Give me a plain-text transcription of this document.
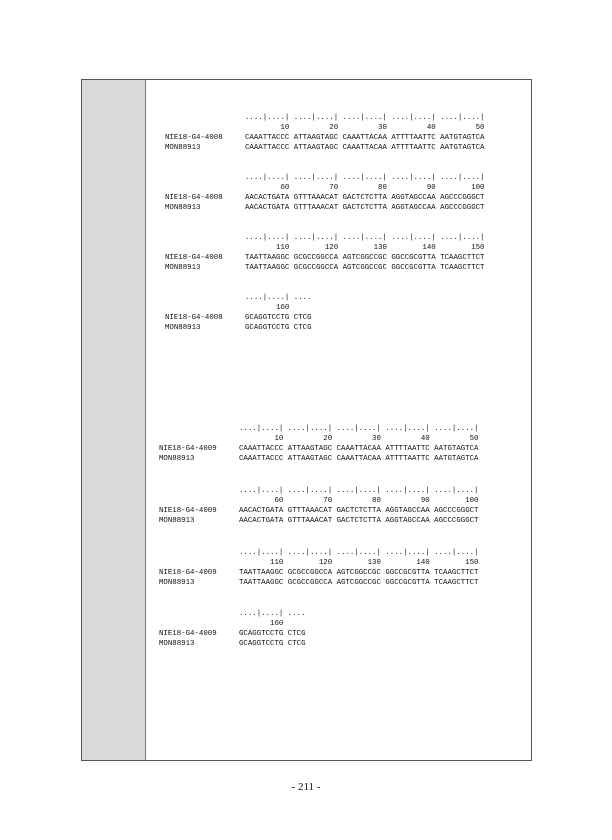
....|....| ....|....| ....|....| ....|....| ....|....|
10         20         30         40         50
NIE18-G4-4008	CAAATTACCC ATTAAGTAGC CAAATTACAA ATTTTAATTC AATGTAGTCA
MON88913	CAAATTACCC ATTAAGTAGC CAAATTACAA ATTTTAATTC AATGTAGTCA
....|....| ....|....| ....|....| ....|....| ....|....|
60         70         80         90        100
NIE18-G4-4008	AACACTGATA GTTTAAACAT GACTCTCTTA AGGTAGCCAA AGCCCGGGCT
MON88913	AACACTGATA GTTTAAACAT GACTCTCTTA AGGTAGCCAA AGCCCGGGCT
....|....| ....|....| ....|....| ....|....| ....|....|
110        120        130        140        150
NIE18-G4-4008	TAATTAAGGC GCGCCGGCCA AGTCGGCCGC GGCCGCGTTA TCAAGCTTCT
MON88913	TAATTAAGGC GCGCCGGCCA AGTCGGCCGC GGCCGCGTTA TCAAGCTTCT
....|....| ....
160
NIE18-G4-4008	GCAGGTCCTG CTCG
MON88913	GCAGGTCCTG CTCG
....|....| ....|....| ....|....| ....|....| ....|....|
10         20         30         40         50
NIE18-G4-4009	CAAATTACCC ATTAAGTAGC CAAATTACAA ATTTTAATTC AATGTAGTCA
MON88913	CAAATTACCC ATTAAGTAGC CAAATTACAA ATTTTAATTC AATGTAGTCA
....|....| ....|....| ....|....| ....|....| ....|....|
60         70         80         90        100
NIE18-G4-4009	AACACTGATA GTTTAAACAT GACTCTCTTA AGGTAGCCAA AGCCCGGGCT
MON88913	AACACTGATA GTTTAAACAT GACTCTCTTA AGGTAGCCAA AGCCCGGGCT
....|....| ....|....| ....|....| ....|....| ....|....|
110        120        130        140        150
NIE18-G4-4009	TAATTAAGGC GCGCCGGCCA AGTCGGCCGC GGCCGCGTTA TCAAGCTTCT
MON88913	TAATTAAGGC GCGCCGGCCA AGTCGGCCGC GGCCGCGTTA TCAAGCTTCT
....|....| ....
160
NIE18-G4-4009	GCAGGTCCTG CTCG
MON88913	GCAGGTCCTG CTCG
- 211 -
